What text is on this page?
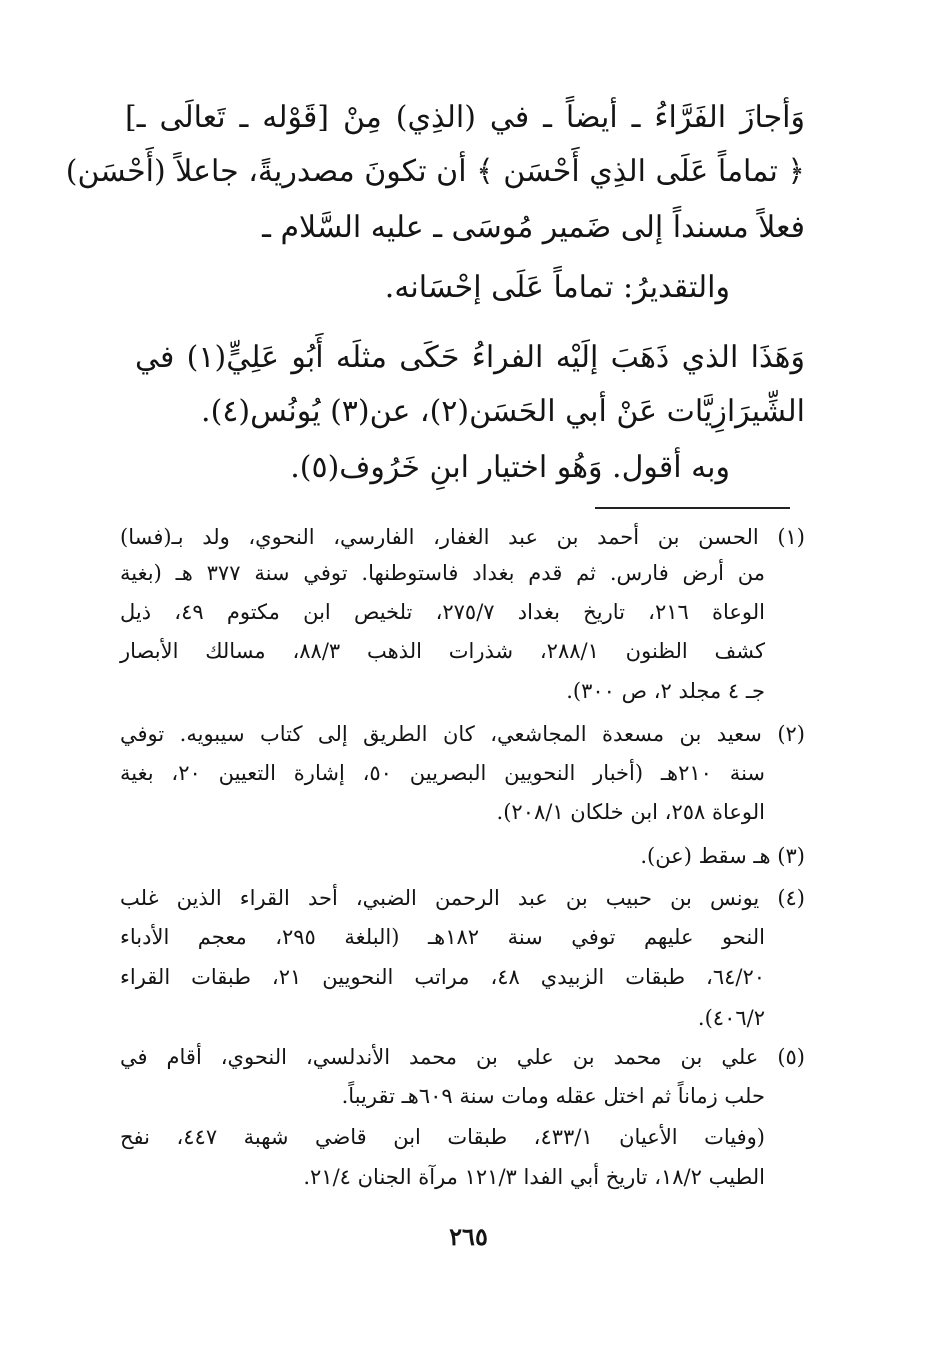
وَأجازَ الفَرَّاءُ ـ أيضاً ـ في (الذِي) مِنْ [قَوْله ـ تَعالَى ـ]
﴿ تماماً عَلَى الذِي أَحْسَن ﴾ أن تكونَ مصدريةً، جاعلاً (أَحْسَن)
فعلاً مسنداً إلى ضَمير مُوسَى ـ عليه السَّلام ـ
والتقديرُ: تماماً عَلَى إحْسَانه.
وَهَذَا الذي ذَهَبَ إلَيْه الفراءُ حَكَى مثلَه أَبُو عَلِيٍّ(١) في
الشِّيرَازِيَّات عَنْ أبي الحَسَن(٢)، عن(٣) يُونُس(٤).
وبه أقول. وَهُو اختيار ابنِ خَرُوف(٥).
(١) الحسن بن أحمد بن عبد الغفار، الفارسي، النحوي، ولد بـ(فسا)
من أرض فارس. ثم قدم بغداد فاستوطنها. توفي سنة ٣٧٧ هـ (بغية
الوعاة ٢١٦، تاريخ بغداد ٢٧٥/٧، تلخيص ابن مكتوم ٤٩، ذيل
كشف الظنون ٢٨٨/١، شذرات الذهب ٨٨/٣، مسالك الأبصار
جـ ٤ مجلد ٢، ص ٣٠٠).
(٢) سعيد بن مسعدة المجاشعي، كان الطريق إلى كتاب سيبويه. توفي
سنة ٢١٠هـ (أخبار النحويين البصريين ٥٠، إشارة التعيين ٢٠، بغية
الوعاة ٢٥٨، ابن خلكان ٢٠٨/١).
(٣) هـ سقط (عن).
(٤) يونس بن حبيب بن عبد الرحمن الضبي، أحد القراء الذين غلب
النحو عليهم توفي سنة ١٨٢هـ (البلغة ٢٩٥، معجم الأدباء
٦٤/٢٠، طبقات الزبيدي ٤٨، مراتب النحويين ٢١، طبقات القراء
٤٠٦/٢).
(٥) علي بن محمد بن علي بن محمد الأندلسي، النحوي، أقام في
حلب زماناً ثم اختل عقله ومات سنة ٦٠٩هـ تقريباً.
(وفيات الأعيان ٤٣٣/١، طبقات ابن قاضي شهبة ٤٤٧، نفح
الطيب ١٨/٢، تاريخ أبي الفدا ١٢١/٣ مرآة الجنان ٢١/٤.
٢٦٥
